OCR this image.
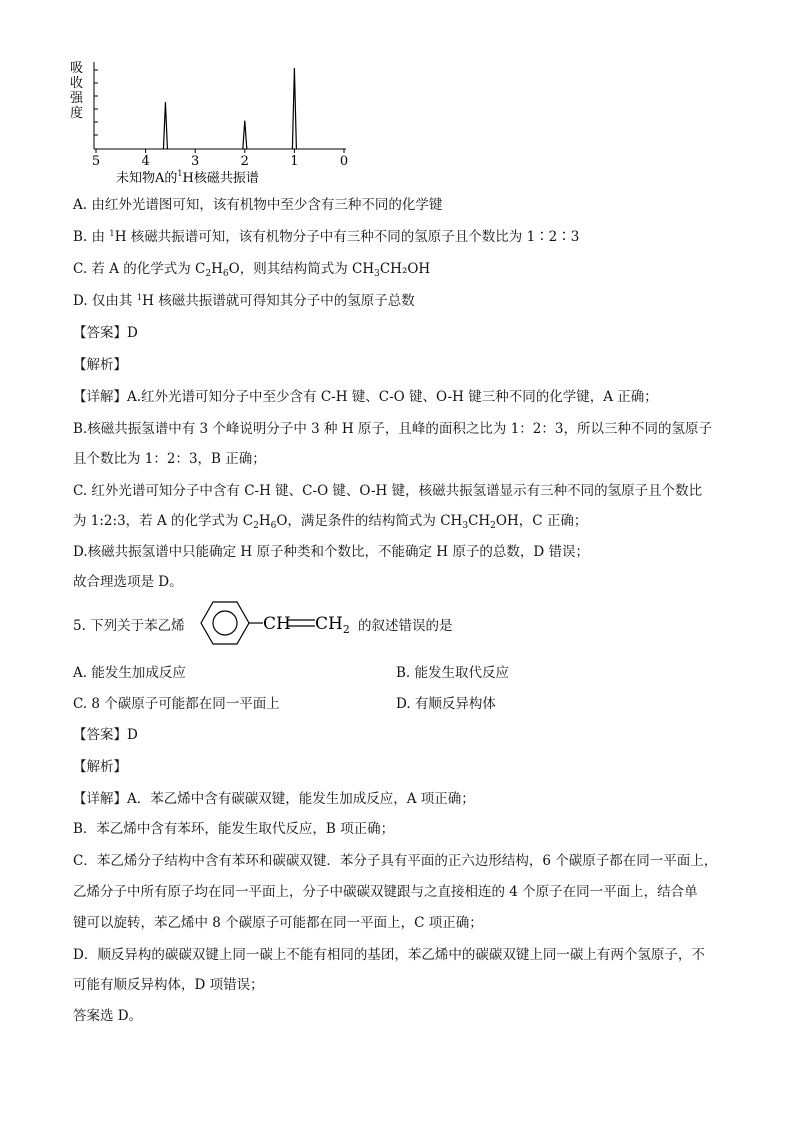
吸
收
强
度
5	4	3	2	1	0
未知物A的$^1$H核磁共振谱
A. 由红外光谱图可知，该有机物中至少含有三种不同的化学键
B. 由 $^1$H 核磁共振谱可知，该有机物分子中有三种不同的氢原子且个数比为 1∶2∶3
C. 若 A 的化学式为 $C_2H_6O$，则其结构简式为 $CH_3CH_2OH$
D. 仅由其 $^1$H 核磁共振谱就可得知其分子中的氢原子总数
【答案】D
【解析】
【详解】A.红外光谱可知分子中至少含有 C-H 键、C-O 键、O-H 键三种不同的化学键，A 正确；
B.核磁共振氢谱中有 3 个峰说明分子中 3 种 H 原子，且峰的面积之比为 1：2：3，所以三种不同的氢原子
且个数比为 1：2：3，B 正确；
C. 红外光谱可知分子中含有 C-H 键、C-O 键、O-H 键，核磁共振氢谱显示有三种不同的氢原子且个数比
为 1:2:3，若 A 的化学式为 $C_2H_6O$，满足条件的结构简式为 $CH_3CH_2OH$，C 正确；
D.核磁共振氢谱中只能确定 H 原子种类和个数比，不能确定 H 原子的总数，D 错误；
故合理选项是 D。
5. 下列关于苯乙烯	CH $CH_2$ 的叙述错误的是
A. 能发生加成反应	B. 能发生取代反应
C. 8 个碳原子可能都在同一平面上	D. 有顺反异构体
【答案】D
【解析】
【详解】A．苯乙烯中含有碳碳双键，能发生加成反应，A 项正确；
B．苯乙烯中含有苯环，能发生取代反应，B 项正确；
C．苯乙烯分子结构中含有苯环和碳碳双键．苯分子具有平面的正六边形结构，6 个碳原子都在同一平面上，
乙烯分子中所有原子均在同一平面上，分子中碳碳双键跟与之直接相连的 4 个原子在同一平面上，结合单
键可以旋转，苯乙烯中 8 个碳原子可能都在同一平面上，C 项正确；
D．顺反异构的碳碳双键上同一碳上不能有相同的基团，苯乙烯中的碳碳双键上同一碳上有两个氢原子，不
可能有顺反异构体，D 项错误；
答案选 D。
